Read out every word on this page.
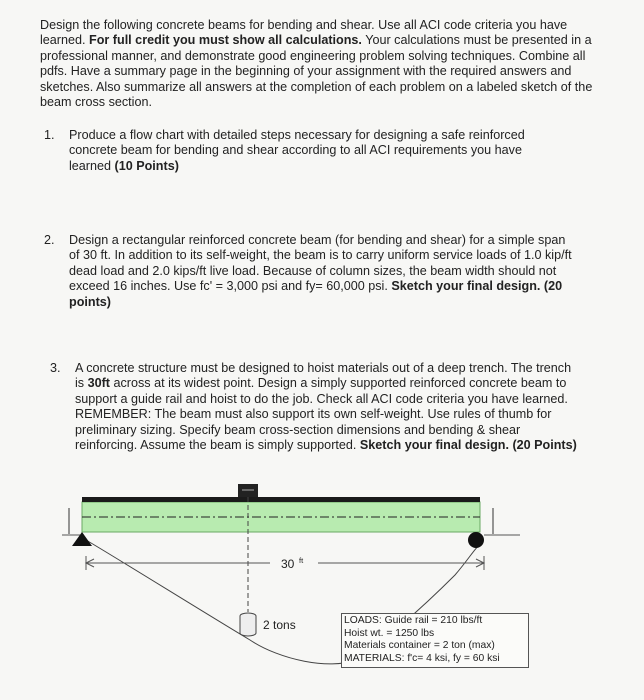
Design the following concrete beams for bending and shear. Use all ACI code criteria you have learned. For full credit you must show all calculations. Your calculations must be presented in a professional manner, and demonstrate good engineering problem solving techniques. Combine all pdfs. Have a summary page in the beginning of your assignment with the required answers and sketches. Also summarize all answers at the completion of each problem on a labeled sketch of the beam cross section.
1. Produce a flow chart with detailed steps necessary for designing a safe reinforced concrete beam for bending and shear according to all ACI requirements you have learned (10 Points)
2. Design a rectangular reinforced concrete beam (for bending and shear) for a simple span of 30 ft. In addition to its self-weight, the beam is to carry uniform service loads of 1.0 kip/ft dead load and 2.0 kips/ft live load. Because of column sizes, the beam width should not exceed 16 inches. Use fc' = 3,000 psi and fy= 60,000 psi. Sketch your final design. (20 points)
3. A concrete structure must be designed to hoist materials out of a deep trench. The trench is 30ft across at its widest point. Design a simply supported reinforced concrete beam to support a guide rail and hoist to do the job. Check all ACI code criteria you have learned. REMEMBER: The beam must also support its own self-weight. Use rules of thumb for preliminary sizing. Specify beam cross-section dimensions and bending & shear reinforcing. Assume the beam is simply supported. Sketch your final design. (20 Points)
30 ft
2 tons	LOADS: Guide rail = 210 lbs/ft
Hoist wt. = 1250 lbs
Materials container = 2 ton (max)
MATERIALS: f'c= 4 ksi, fy = 60 ksi
